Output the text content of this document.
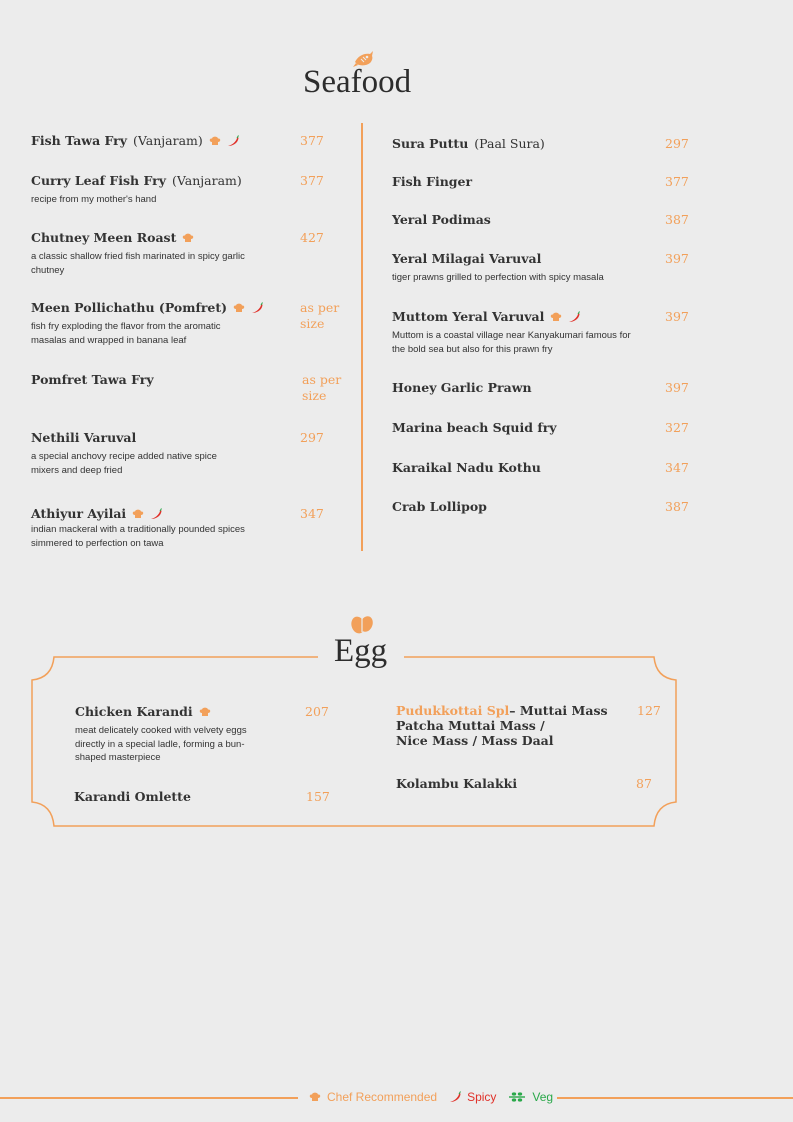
Seafood
Fish Tawa Fry (Vanjaram)	377
Curry Leaf Fish Fry (Vanjaram)
recipe from my mother's hand
377
Chutney Meen Roast
a classic shallow fried fish marinated in spicy garlic chutney
427
Meen Pollichathu (Pomfret)
fish fry exploding the flavor from the aromatic masalas and wrapped in banana leaf
as per size
Pomfret Tawa Fry	as per size
Nethili Varuval
a special anchovy recipe added native spice mixers and deep fried
297
Athiyur Ayilai
indian mackeral with a traditionally pounded spices simmered to perfection on tawa
347
Sura Puttu (Paal Sura)	297
Fish Finger	377
Yeral Podimas	387
Yeral Milagai Varuval
tiger prawns grilled to perfection with spicy masala
397
Muttom Yeral Varuval
Muttom is a coastal village near Kanyakumari famous for the bold sea but also for this prawn fry
397
Honey Garlic Prawn	397
Marina beach Squid fry	327
Karaikal Nadu Kothu	347
Crab Lollipop	387
Egg
Chicken Karandi
meat delicately cooked with velvety eggs directly in a special ladle, forming a bun-shaped masterpiece
207
Karandi Omlette	157
Pudukkottai Spl – Muttai Mass
Patcha Muttai Mass /
Nice Mass / Mass Daal
127
Kolambu Kalakki	87
Chef Recommended	Spicy	Veg
